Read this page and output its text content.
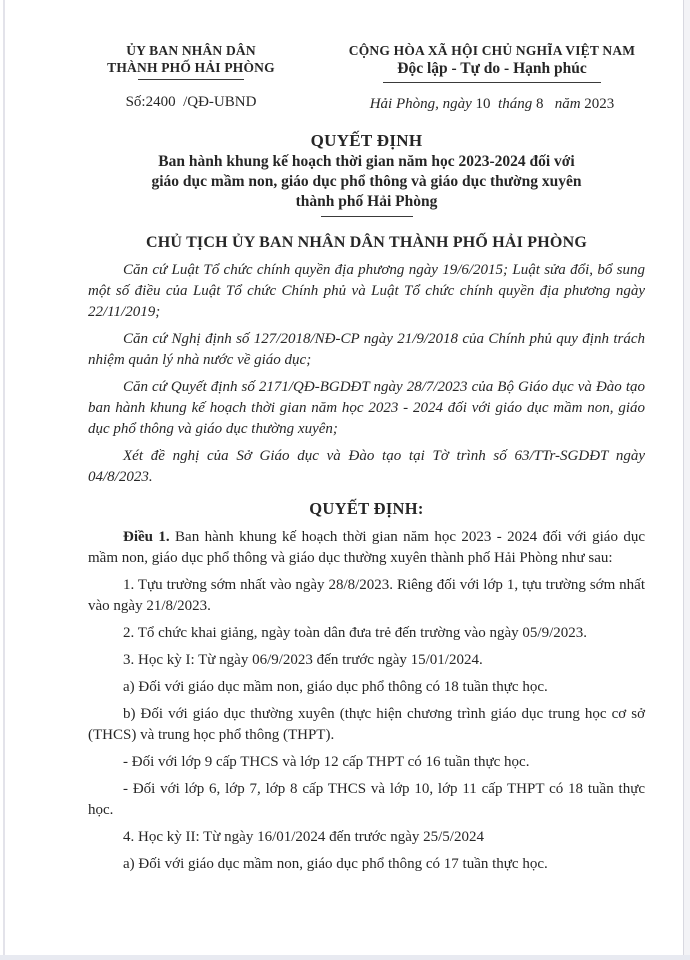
ỦY BAN NHÂN DÂN
THÀNH PHỐ HẢI PHÒNG
Số:2400  /QĐ-UBND
CỘNG HÒA XÃ HỘI CHỦ NGHĨA VIỆT NAM
Độc lập - Tự do - Hạnh phúc
Hải Phòng, ngày 10  tháng 8   năm 2023
QUYẾT ĐỊNH
Ban hành khung kế hoạch thời gian năm học 2023-2024 đối với
giáo dục mầm non, giáo dục phổ thông và giáo dục thường xuyên
thành phố Hải Phòng
CHỦ TỊCH ỦY BAN NHÂN DÂN THÀNH PHỐ HẢI PHÒNG

Căn cứ Luật Tổ chức chính quyền địa phương ngày 19/6/2015; Luật sửa đổi, bổ sung một số điều của Luật Tổ chức Chính phủ và Luật Tổ chức chính quyền địa phương ngày 22/11/2019;

Căn cứ Nghị định số 127/2018/NĐ-CP ngày 21/9/2018 của Chính phủ quy định trách nhiệm quản lý nhà nước về giáo dục;

Căn cứ Quyết định số 2171/QĐ-BGDĐT ngày 28/7/2023 của Bộ Giáo dục và Đào tạo ban hành khung kế hoạch thời gian năm học 2023 - 2024 đối với giáo dục mầm non, giáo dục phổ thông và giáo dục thường xuyên;

Xét đề nghị của Sở Giáo dục và Đào tạo tại Tờ trình số 63/TTr-SGDĐT ngày 04/8/2023.

QUYẾT ĐỊNH:

Điều 1. Ban hành khung kế hoạch thời gian năm học 2023 - 2024 đối với giáo dục mầm non, giáo dục phổ thông và giáo dục thường xuyên thành phố Hải Phòng như sau:

1. Tựu trường sớm nhất vào ngày 28/8/2023. Riêng đối với lớp 1, tựu trường sớm nhất vào ngày 21/8/2023.

2. Tổ chức khai giảng, ngày toàn dân đưa trẻ đến trường vào ngày 05/9/2023.

3. Học kỳ I: Từ ngày 06/9/2023 đến trước ngày 15/01/2024.

a) Đối với giáo dục mầm non, giáo dục phổ thông có 18 tuần thực học.

b) Đối với giáo dục thường xuyên (thực hiện chương trình giáo dục trung học cơ sở (THCS) và trung học phổ thông (THPT).

- Đối với lớp 9 cấp THCS và lớp 12 cấp THPT có 16 tuần thực học.

- Đối với lớp 6, lớp 7, lớp 8 cấp THCS và lớp 10, lớp 11 cấp THPT có 18 tuần thực học.

4. Học kỳ II: Từ ngày 16/01/2024 đến trước ngày 25/5/2024

a) Đối với giáo dục mầm non, giáo dục phổ thông có 17 tuần thực học.
